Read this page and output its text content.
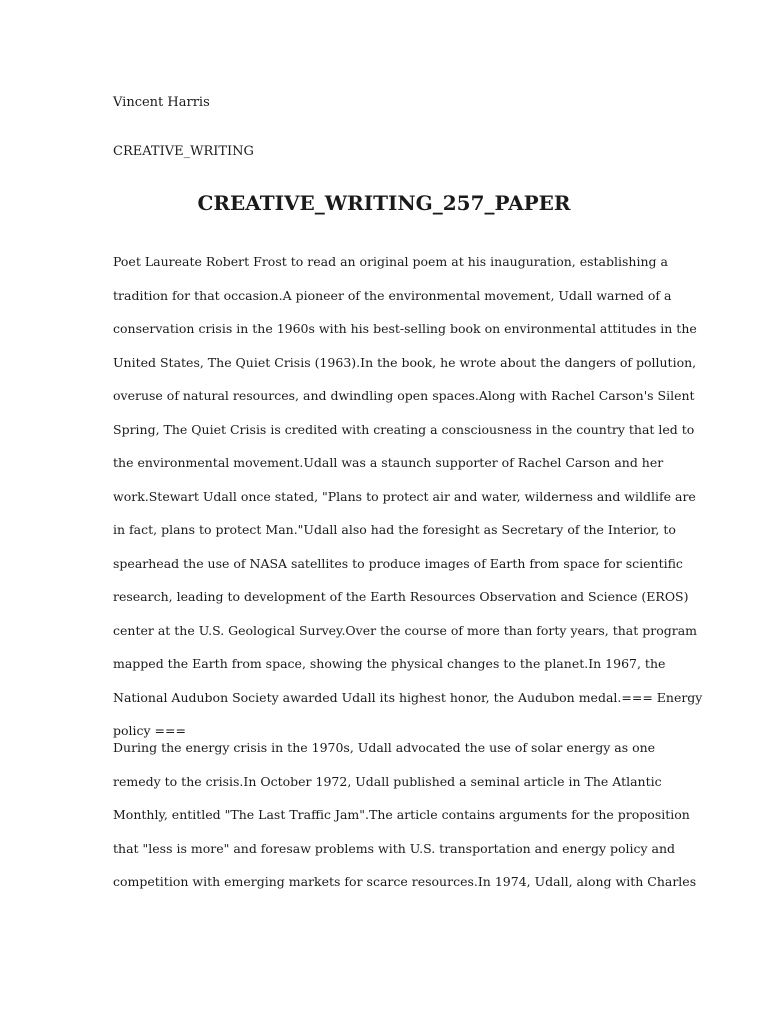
Vincent Harris
CREATIVE_WRITING
CREATIVE_WRITING_257_PAPER
Poet Laureate Robert Frost to read an original poem at his inauguration, establishing a
tradition for that occasion.A pioneer of the environmental movement, Udall warned of a
conservation crisis in the 1960s with his best-selling book on environmental attitudes in the
United States, The Quiet Crisis (1963).In the book, he wrote about the dangers of pollution,
overuse of natural resources, and dwindling open spaces.Along with Rachel Carson's Silent
Spring, The Quiet Crisis is credited with creating a consciousness in the country that led to
the environmental movement.Udall was a staunch supporter of Rachel Carson and her
work.Stewart Udall once stated, "Plans to protect air and water, wilderness and wildlife are
in fact, plans to protect Man."Udall also had the foresight as Secretary of the Interior, to
spearhead the use of NASA satellites to produce images of Earth from space for scientific
research, leading to development of the Earth Resources Observation and Science (EROS)
center at the U.S. Geological Survey.Over the course of more than forty years, that program
mapped the Earth from space, showing the physical changes to the planet.In 1967, the
National Audubon Society awarded Udall its highest honor, the Audubon medal.=== Energy
policy ===
During the energy crisis in the 1970s, Udall advocated the use of solar energy as one
remedy to the crisis.In October 1972, Udall published a seminal article in The Atlantic
Monthly, entitled "The Last Traffic Jam".The article contains arguments for the proposition
that "less is more" and foresaw problems with U.S. transportation and energy policy and
competition with emerging markets for scarce resources.In 1974, Udall, along with Charles
